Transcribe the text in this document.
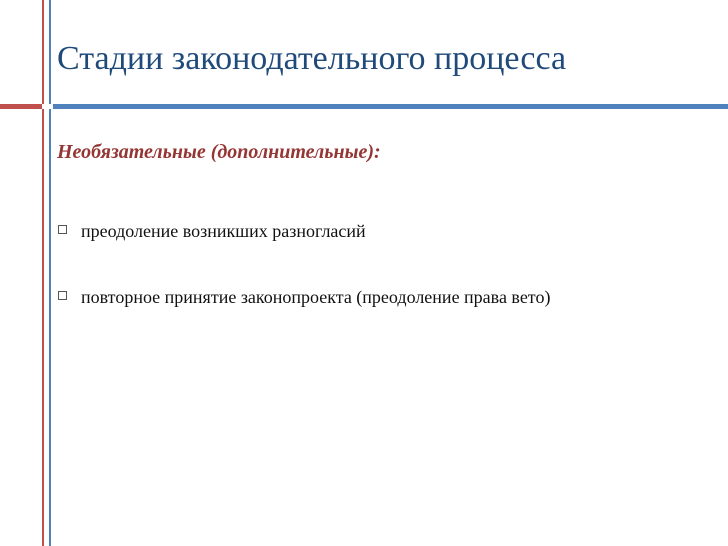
Стадии законодательного процесса
Необязательные (дополнительные):
преодоление возникших разногласий
повторное принятие законопроекта (преодоление права вето)
